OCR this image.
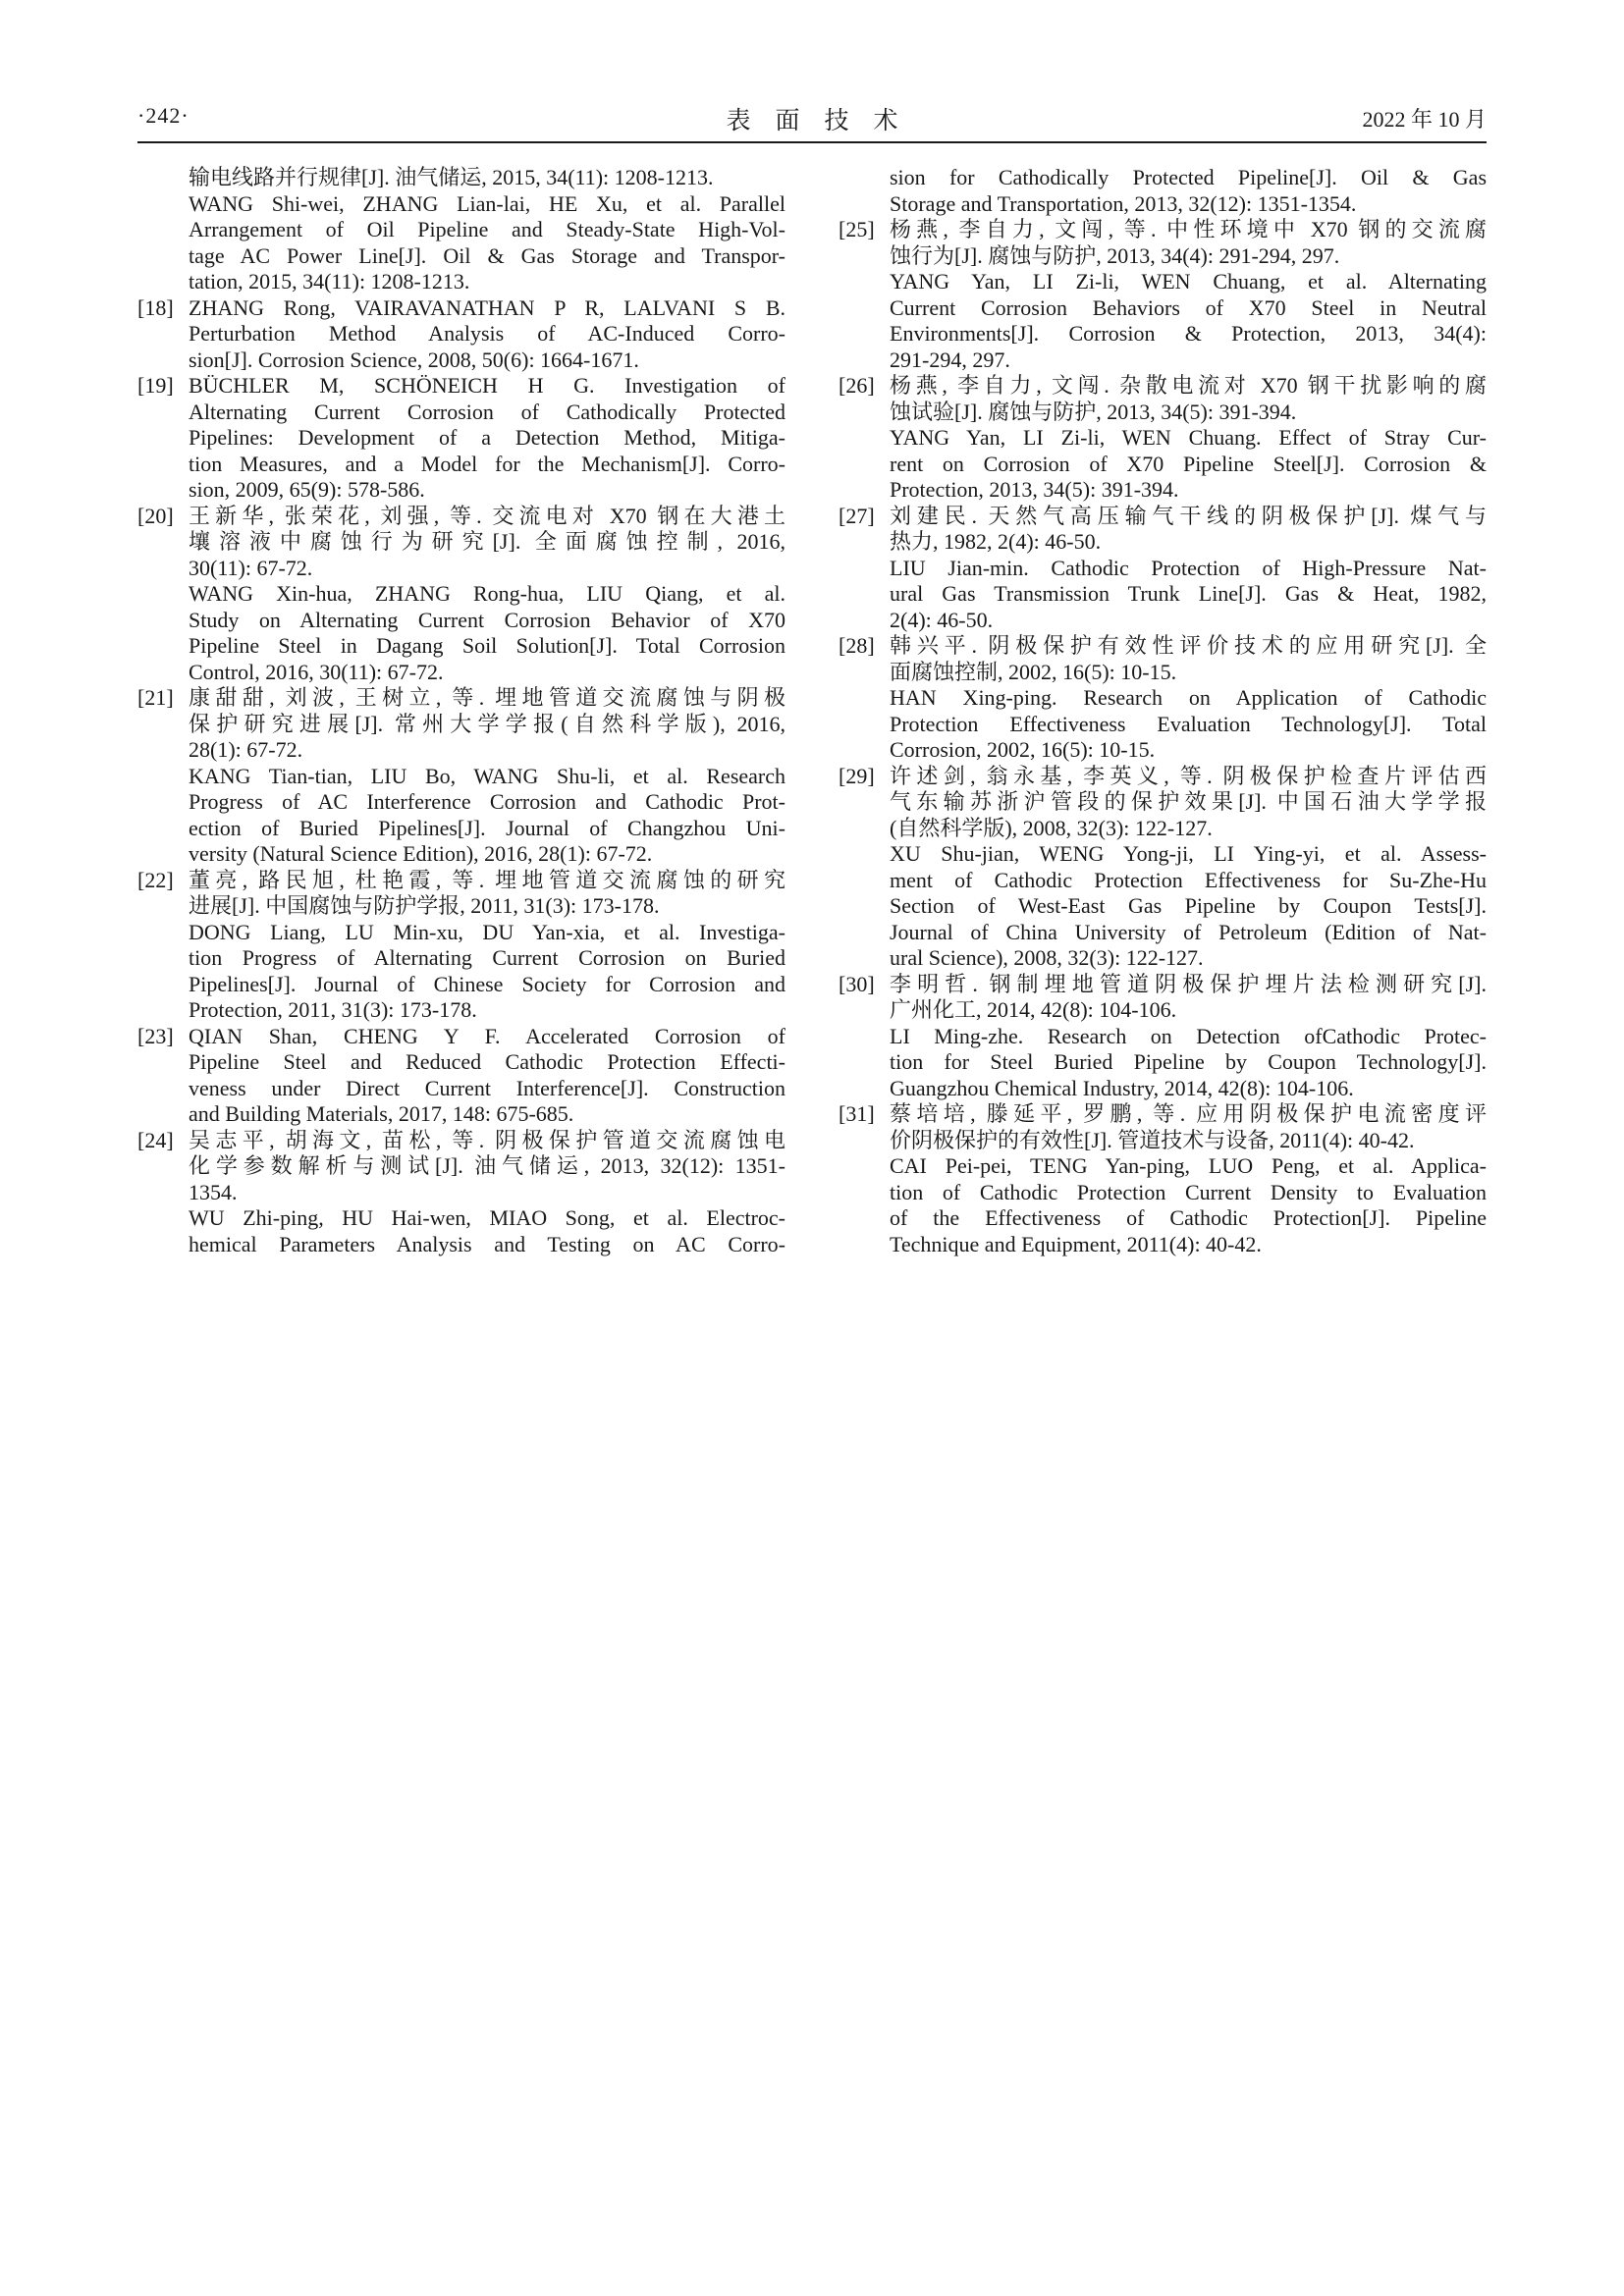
·242·	表　面　技　术	2022 年 10 月
输电线路并行规律[J]. 油气储运, 2015, 34(11): 1208-1213.
WANG Shi-wei, ZHANG Lian-lai, HE Xu, et al. Parallel
Arrangement of Oil Pipeline and Steady-State High-Vol-
tage AC Power Line[J]. Oil & Gas Storage and Transpor-
tation, 2015, 34(11): 1208-1213.
[18] ZHANG Rong, VAIRAVANATHAN P R, LALVANI S B.
Perturbation Method Analysis of AC-Induced Corro-
sion[J]. Corrosion Science, 2008, 50(6): 1664-1671.
[19] BÜCHLER M, SCHÖNEICH H G. Investigation of
Alternating Current Corrosion of Cathodically Protected
Pipelines: Development of a Detection Method, Mitiga-
tion Measures, and a Model for the Mechanism[J]. Corro-
sion, 2009, 65(9): 578-586.
[20] 王新华, 张荣花, 刘强, 等. 交流电对 X70 钢在大港土
壤溶液中腐蚀行为研究[J]. 全面腐蚀控制, 2016,
30(11): 67-72.
WANG Xin-hua, ZHANG Rong-hua, LIU Qiang, et al.
Study on Alternating Current Corrosion Behavior of X70
Pipeline Steel in Dagang Soil Solution[J]. Total Corrosion
Control, 2016, 30(11): 67-72.
[21] 康甜甜, 刘波, 王树立, 等. 埋地管道交流腐蚀与阴极
保护研究进展[J]. 常州大学学报(自然科学版), 2016,
28(1): 67-72.
KANG Tian-tian, LIU Bo, WANG Shu-li, et al. Research
Progress of AC Interference Corrosion and Cathodic Prot-
ection of Buried Pipelines[J]. Journal of Changzhou Uni-
versity (Natural Science Edition), 2016, 28(1): 67-72.
[22] 董亮, 路民旭, 杜艳霞, 等. 埋地管道交流腐蚀的研究
进展[J]. 中国腐蚀与防护学报, 2011, 31(3): 173-178.
DONG Liang, LU Min-xu, DU Yan-xia, et al. Investiga-
tion Progress of Alternating Current Corrosion on Buried
Pipelines[J]. Journal of Chinese Society for Corrosion and
Protection, 2011, 31(3): 173-178.
[23] QIAN Shan, CHENG Y F. Accelerated Corrosion of
Pipeline Steel and Reduced Cathodic Protection Effecti-
veness under Direct Current Interference[J]. Construction
and Building Materials, 2017, 148: 675-685.
[24] 吴志平, 胡海文, 苗松, 等. 阴极保护管道交流腐蚀电
化学参数解析与测试[J]. 油气储运, 2013, 32(12): 1351-
1354.
WU Zhi-ping, HU Hai-wen, MIAO Song, et al. Electroc-
hemical Parameters Analysis and Testing on AC Corro-
sion for Cathodically Protected Pipeline[J]. Oil & Gas
Storage and Transportation, 2013, 32(12): 1351-1354.
[25] 杨燕, 李自力, 文闯, 等. 中性环境中 X70 钢的交流腐
蚀行为[J]. 腐蚀与防护, 2013, 34(4): 291-294, 297.
YANG Yan, LI Zi-li, WEN Chuang, et al. Alternating
Current Corrosion Behaviors of X70 Steel in Neutral
Environments[J]. Corrosion & Protection, 2013, 34(4):
291-294, 297.
[26] 杨燕, 李自力, 文闯. 杂散电流对 X70 钢干扰影响的腐
蚀试验[J]. 腐蚀与防护, 2013, 34(5): 391-394.
YANG Yan, LI Zi-li, WEN Chuang. Effect of Stray Cur-
rent on Corrosion of X70 Pipeline Steel[J]. Corrosion &
Protection, 2013, 34(5): 391-394.
[27] 刘建民. 天然气高压输气干线的阴极保护[J]. 煤气与
热力, 1982, 2(4): 46-50.
LIU Jian-min. Cathodic Protection of High-Pressure Nat-
ural Gas Transmission Trunk Line[J]. Gas & Heat, 1982,
2(4): 46-50.
[28] 韩兴平. 阴极保护有效性评价技术的应用研究[J]. 全
面腐蚀控制, 2002, 16(5): 10-15.
HAN Xing-ping. Research on Application of Cathodic
Protection Effectiveness Evaluation Technology[J]. Total
Corrosion, 2002, 16(5): 10-15.
[29] 许述剑, 翁永基, 李英义, 等. 阴极保护检查片评估西
气东输苏浙沪管段的保护效果[J]. 中国石油大学学报
(自然科学版), 2008, 32(3): 122-127.
XU Shu-jian, WENG Yong-ji, LI Ying-yi, et al. Assess-
ment of Cathodic Protection Effectiveness for Su-Zhe-Hu
Section of West-East Gas Pipeline by Coupon Tests[J].
Journal of China University of Petroleum (Edition of Nat-
ural Science), 2008, 32(3): 122-127.
[30] 李明哲. 钢制埋地管道阴极保护埋片法检测研究[J].
广州化工, 2014, 42(8): 104-106.
LI Ming-zhe. Research on Detection ofCathodic Protec-
tion for Steel Buried Pipeline by Coupon Technology[J].
Guangzhou Chemical Industry, 2014, 42(8): 104-106.
[31] 蔡培培, 滕延平, 罗鹏, 等. 应用阴极保护电流密度评
价阴极保护的有效性[J]. 管道技术与设备, 2011(4): 40-42.
CAI Pei-pei, TENG Yan-ping, LUO Peng, et al. Applica-
tion of Cathodic Protection Current Density to Evaluation
of the Effectiveness of Cathodic Protection[J]. Pipeline
Technique and Equipment, 2011(4): 40-42.
